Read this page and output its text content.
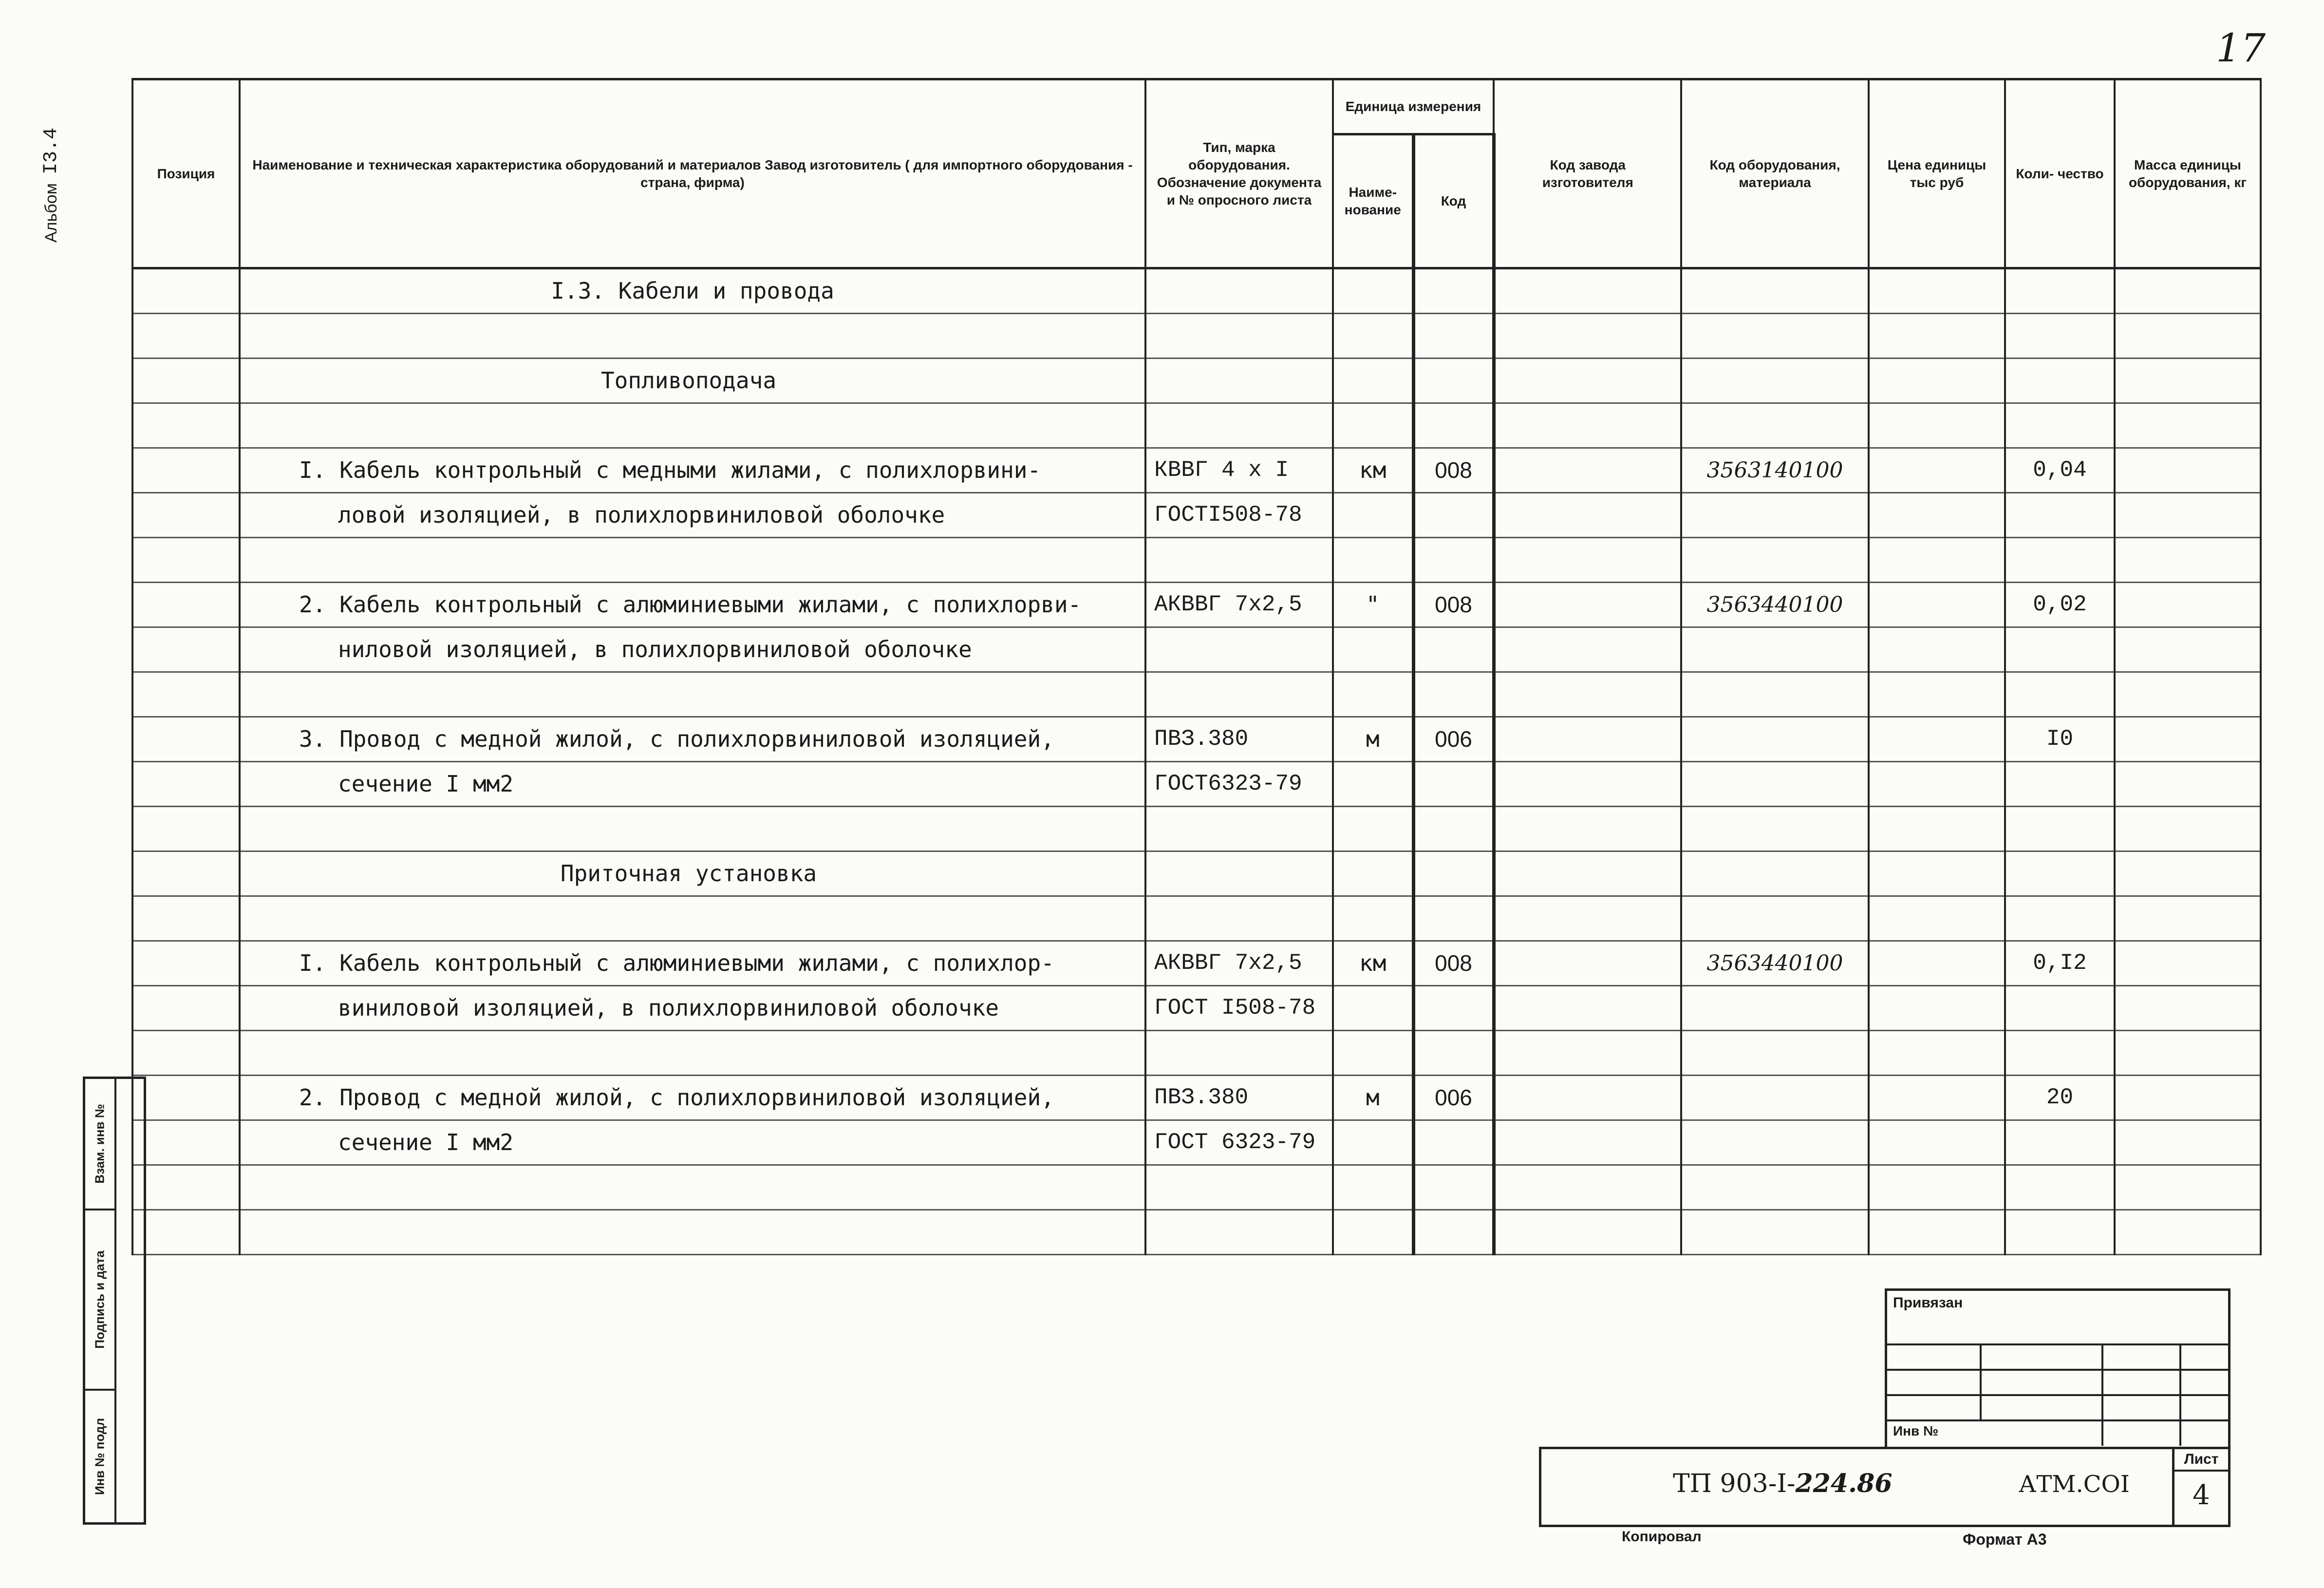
17
Альбом
I3.4	Позиция	Наименование и техническая характеристика оборудований и материалов Завод изготовитель ( для импортного оборудования - страна, фирма)	Тип, марка оборудования. Обозначение документа и № опросного листа	Единица измерения		Код завода изготовителя	Код оборудования, материала	Цена единицы тыс руб	Коли- чество	Масса единицы оборудования, кг
			Наиме- нование	Код					
	I.3. Кабели и провода								

	Топливоподача								

	I. Кабель контрольный с медными жилами, с полихлорвини-	КВВГ 4 x I	км	008		3563140100		0,04	
	ловой изоляцией, в полихлорвиниловой оболочке	ГОСТI508-78							

	2. Кабель контрольный с алюминиевыми жилами, с полихлорви-	АКВВГ 7x2,5	"	008		3563440100		0,02	
	ниловой изоляцией, в полихлорвиниловой оболочке								

	3. Провод с медной жилой, с полихлорвиниловой изоляцией,	ПВЗ.380	м	006				I0	
	сечение I мм2	ГОСТ6323-79							

	Приточная установка								

	I. Кабель контрольный с алюминиевыми жилами, с полихлор-	АКВВГ 7x2,5	км	008		3563440100		0,I2	
	виниловой изоляцией, в полихлорвиниловой оболочке	ГОСТ I508-78							

	2. Провод с медной жилой, с полихлорвиниловой изоляцией,	ПВЗ.380	м	006				20	
	сечение I мм2	ГОСТ 6323-79							

Взам. инв №
Подпись и дата
Инв № подл
Привязан
Инв №
ТП 903-I-224.86	АТМ.СОI
Лист
4
Копировал	Формат А3
